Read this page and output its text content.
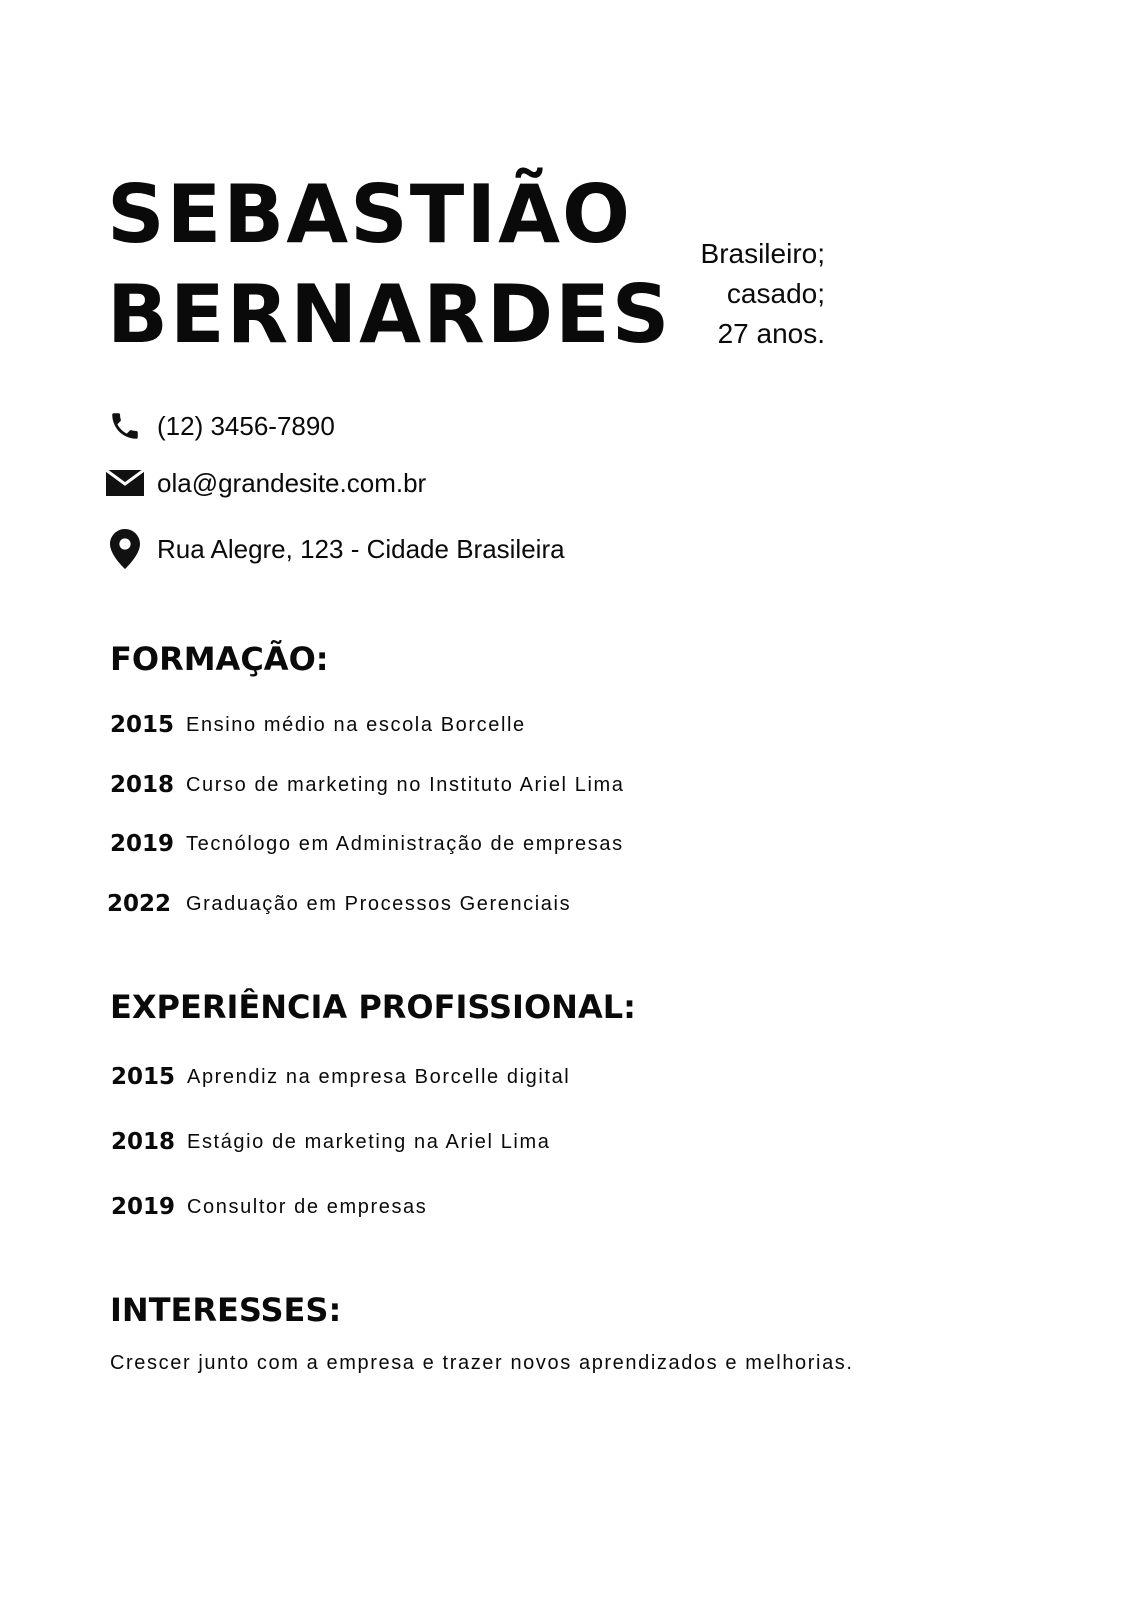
SEBASTIÃO
BERNARDES
Brasileiro;
casado;
27 anos.
(12) 3456-7890
ola@grandesite.com.br
Rua Alegre, 123 - Cidade Brasileira
FORMAÇÃO:
2015 Ensino médio na escola Borcelle
2018 Curso de marketing no Instituto Ariel Lima
2019 Tecnólogo em Administração de empresas
2022 Graduação em Processos Gerenciais
EXPERIÊNCIA PROFISSIONAL:
2015 Aprendiz na empresa Borcelle digital
2018 Estágio de marketing na Ariel Lima
2019 Consultor de empresas
INTERESSES:
Crescer junto com a empresa e trazer novos aprendizados e melhorias.
